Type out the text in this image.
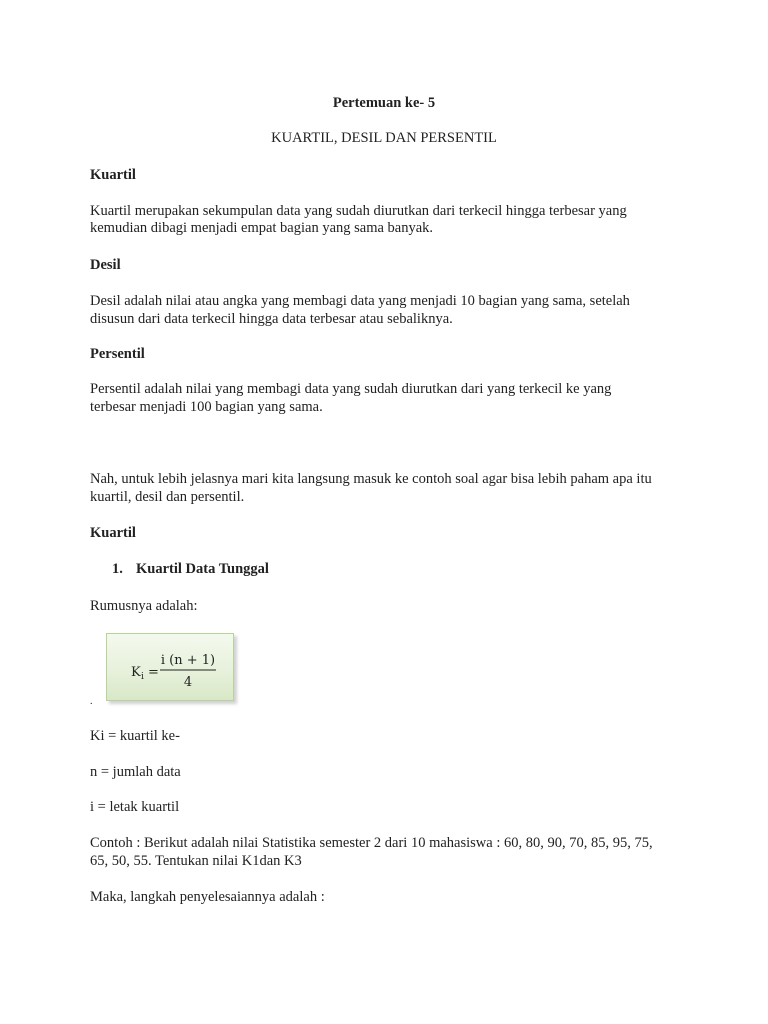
Pertemuan ke- 5
KUARTIL, DESIL DAN PERSENTIL
Kuartil
Kuartil merupakan sekumpulan data yang sudah diurutkan dari terkecil hingga terbesar yang
kemudian dibagi menjadi empat bagian yang sama banyak.
Desil
Desil adalah nilai atau angka yang membagi data yang menjadi 10 bagian yang sama, setelah
disusun dari data terkecil hingga data terbesar atau sebaliknya.
Persentil
Persentil adalah nilai yang membagi data yang sudah diurutkan dari yang terkecil ke yang
terbesar menjadi 100 bagian yang sama.
Nah, untuk lebih jelasnya mari kita langsung masuk ke contoh soal agar bisa lebih paham apa itu
kuartil, desil dan persentil.
Kuartil
1. Kuartil Data Tunggal
Rumusnya adalah:
K i =
i (n + 1)
4
.
Ki = kuartil ke-
n = jumlah data
i = letak kuartil
Contoh : Berikut adalah nilai Statistika semester 2 dari 10 mahasiswa : 60, 80, 90, 70, 85, 95, 75,
65, 50, 55. Tentukan nilai K1dan K3
Maka, langkah penyelesaiannya adalah :
